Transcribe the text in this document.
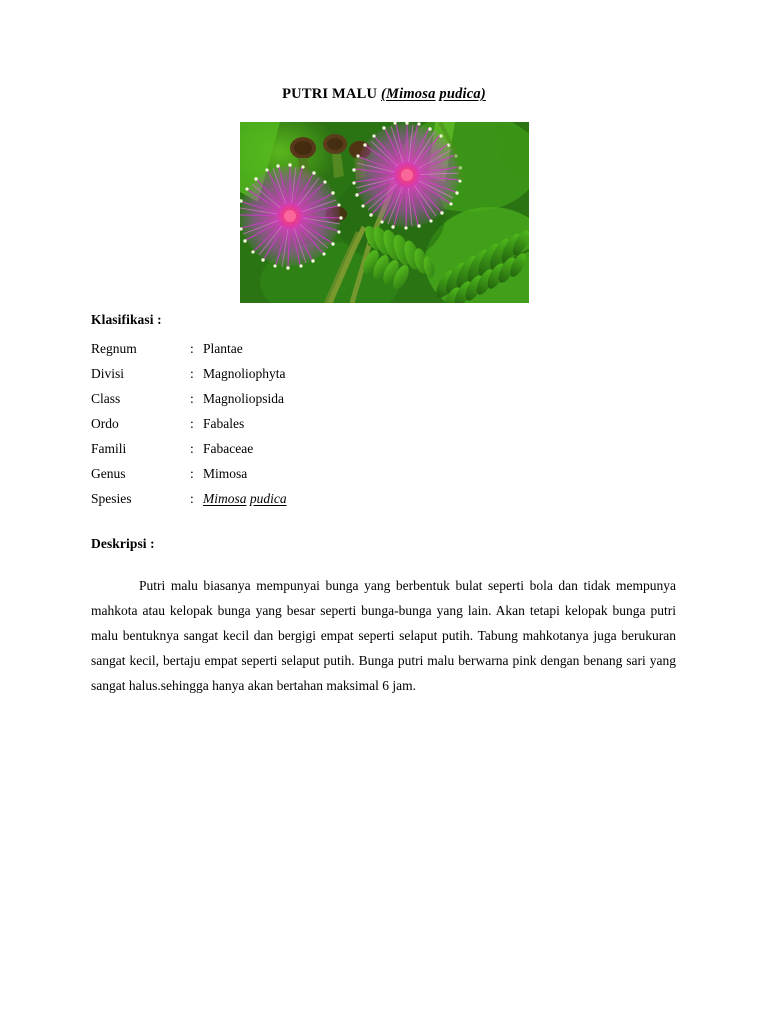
PUTRI MALU (Mimosa pudica)
Klasifikasi :
Regnum	:	Plantae
Divisi	:	Magnoliophyta
Class	:	Magnoliopsida
Ordo	:	Fabales
Famili	:	Fabaceae
Genus	:	Mimosa
Spesies	:	Mimosa pudica
Deskripsi :

Putri malu biasanya mempunyai bunga yang berbentuk bulat seperti bola dan tidak mempunya mahkota atau kelopak bunga yang besar seperti bunga-bunga yang lain. Akan tetapi kelopak bunga putri malu bentuknya sangat kecil dan bergigi empat seperti selaput putih. Tabung mahkotanya juga berukuran sangat kecil, bertaju empat seperti selaput putih. Bunga putri malu berwarna pink dengan benang sari yang sangat halus.sehingga hanya akan bertahan maksimal 6 jam.
